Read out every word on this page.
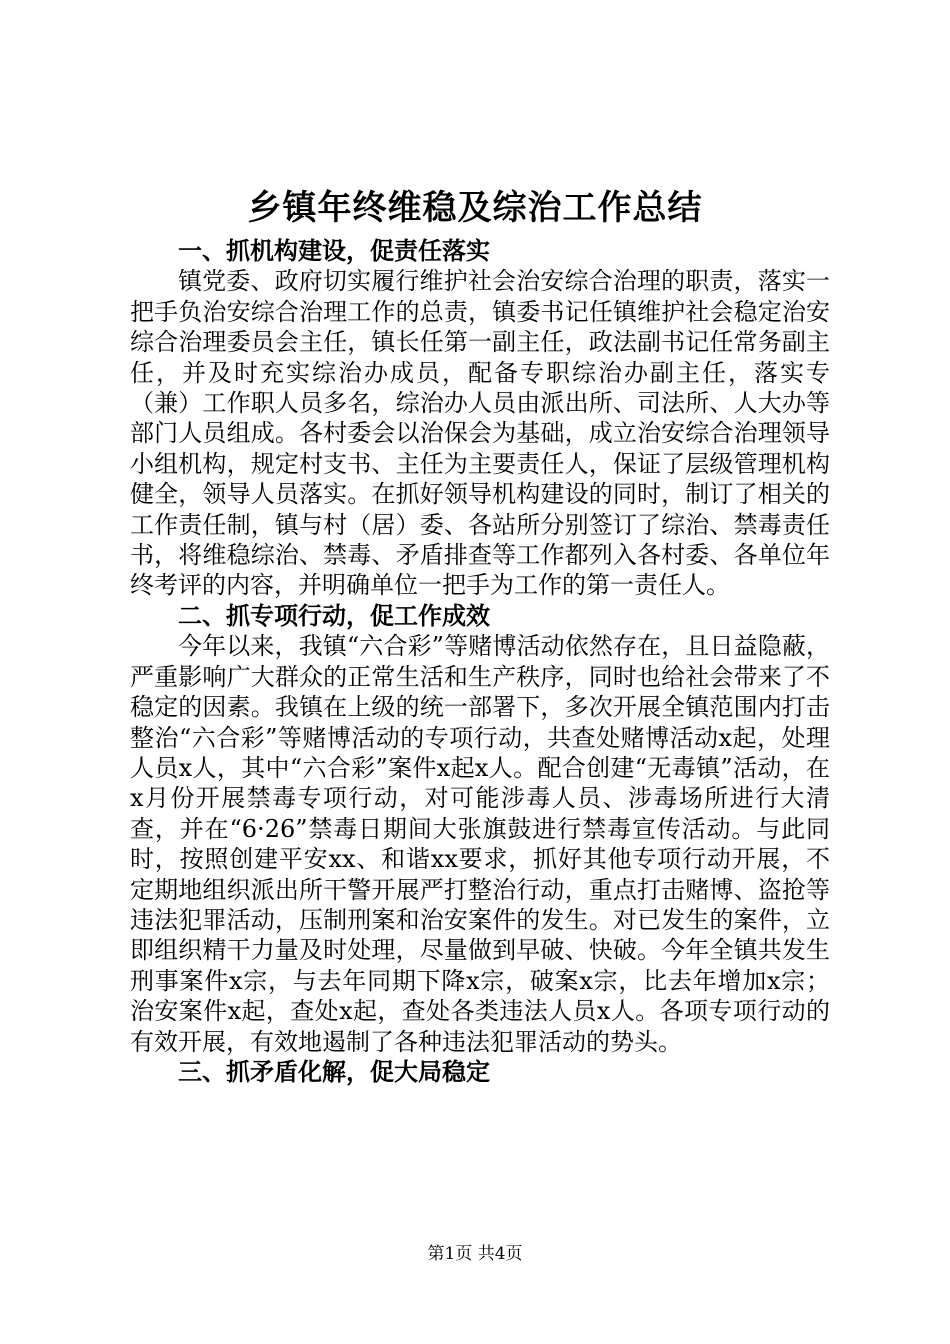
乡镇年终维稳及综治工作总结

一、抓机构建设，促责任落实

镇党委、政府切实履行维护社会治安综合治理的职责，落实一把手负治安综合治理工作的总责，镇委书记任镇维护社会稳定治安综合治理委员会主任，镇长任第一副主任，政法副书记任常务副主任，并及时充实综治办成员，配备专职综治办副主任，落实专（兼）工作职人员多名，综治办人员由派出所、司法所、人大办等部门人员组成。各村委会以治保会为基础，成立治安综合治理领导小组机构，规定村支书、主任为主要责任人，保证了层级管理机构健全，领导人员落实。在抓好领导机构建设的同时，制订了相关的工作责任制，镇与村（居）委、各站所分别签订了综治、禁毒责任书，将维稳综治、禁毒、矛盾排查等工作都列入各村委、各单位年终考评的内容，并明确单位一把手为工作的第一责任人。

二、抓专项行动，促工作成效

今年以来，我镇“六合彩”等赌博活动依然存在，且日益隐蔽，严重影响广大群众的正常生活和生产秩序，同时也给社会带来了不稳定的因素。我镇在上级的统一部署下，多次开展全镇范围内打击整治“六合彩”等赌博活动的专项行动，共查处赌博活动x起，处理人员x人，其中“六合彩”案件x起x人。配合创建“无毒镇”活动，在x月份开展禁毒专项行动，对可能涉毒人员、涉毒场所进行大清查，并在“6·26”禁毒日期间大张旗鼓进行禁毒宣传活动。与此同时，按照创建平安xx、和谐xx要求，抓好其他专项行动开展，不定期地组织派出所干警开展严打整治行动，重点打击赌博、盗抢等违法犯罪活动，压制刑案和治安案件的发生。对已发生的案件，立即组织精干力量及时处理，尽量做到早破、快破。今年全镇共发生刑事案件x宗，与去年同期下降x宗，破案x宗，比去年增加x宗；治安案件x起，查处x起，查处各类违法人员x人。各项专项行动的有效开展，有效地遏制了各种违法犯罪活动的势头。

三、抓矛盾化解，促大局稳定

第1页 共4页
